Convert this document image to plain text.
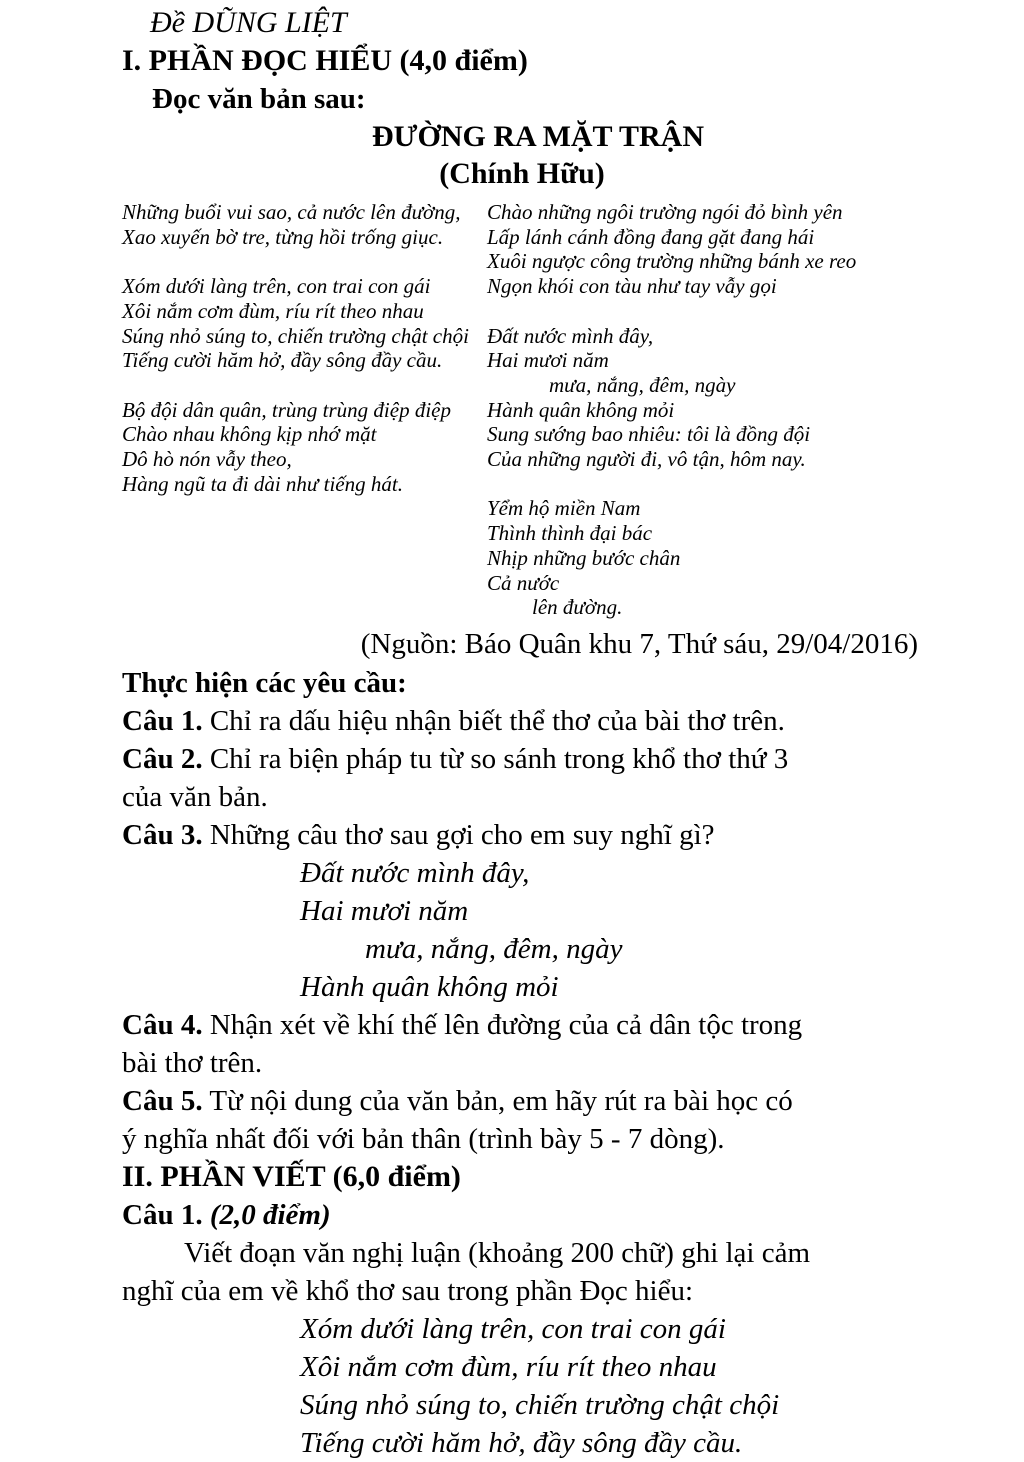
Đề DŨNG LIỆT
I. PHẦN ĐỌC HIỂU (4,0 điểm)
Đọc văn bản sau:
ĐƯỜNG RA MẶT TRẬN
(Chính Hữu)
Những buổi vui sao, cả nước lên đường,
Xao xuyến bờ tre, từng hồi trống giục.
Xóm dưới làng trên, con trai con gái
Xôi nắm cơm đùm, ríu rít theo nhau
Súng nhỏ súng to, chiến trường chật chội
Tiếng cười hăm hở, đầy sông đầy cầu.
Bộ đội dân quân, trùng trùng điệp điệp
Chào nhau không kịp nhớ mặt
Dô hò nón vẫy theo,
Hàng ngũ ta đi dài như tiếng hát.
Chào những ngôi trường ngói đỏ bình yên
Lấp lánh cánh đồng đang gặt đang hái
Xuôi ngược công trường những bánh xe reo
Ngọn khói con tàu như tay vẫy gọi
Đất nước mình đây,
Hai mươi năm
mưa, nắng, đêm, ngày
Hành quân không mỏi
Sung sướng bao nhiêu: tôi là đồng đội
Của những người đi, vô tận, hôm nay.
Yểm hộ miền Nam
Thình thình đại bác
Nhịp những bước chân
Cả nước
lên đường.
(Nguồn: Báo Quân khu 7, Thứ sáu, 29/04/2016)
Thực hiện các yêu cầu:
Câu 1. Chỉ ra dấu hiệu nhận biết thể thơ của bài thơ trên.
Câu 2. Chỉ ra biện pháp tu từ so sánh trong khổ thơ thứ 3
của văn bản.
Câu 3. Những câu thơ sau gợi cho em suy nghĩ gì?
Đất nước mình đây,
Hai mươi năm
mưa, nắng, đêm, ngày
Hành quân không mỏi
Câu 4. Nhận xét về khí thế lên đường của cả dân tộc trong
bài thơ trên.
Câu 5. Từ nội dung của văn bản, em hãy rút ra bài học có
ý nghĩa nhất đối với bản thân (trình bày 5 - 7 dòng).
II. PHẦN VIẾT (6,0 điểm)
Câu 1. (2,0 điểm)
Viết đoạn văn nghị luận (khoảng 200 chữ) ghi lại cảm
nghĩ của em về khổ thơ sau trong phần Đọc hiểu:
Xóm dưới làng trên, con trai con gái
Xôi nắm cơm đùm, ríu rít theo nhau
Súng nhỏ súng to, chiến trường chật chội
Tiếng cười hăm hở, đầy sông đầy cầu.
